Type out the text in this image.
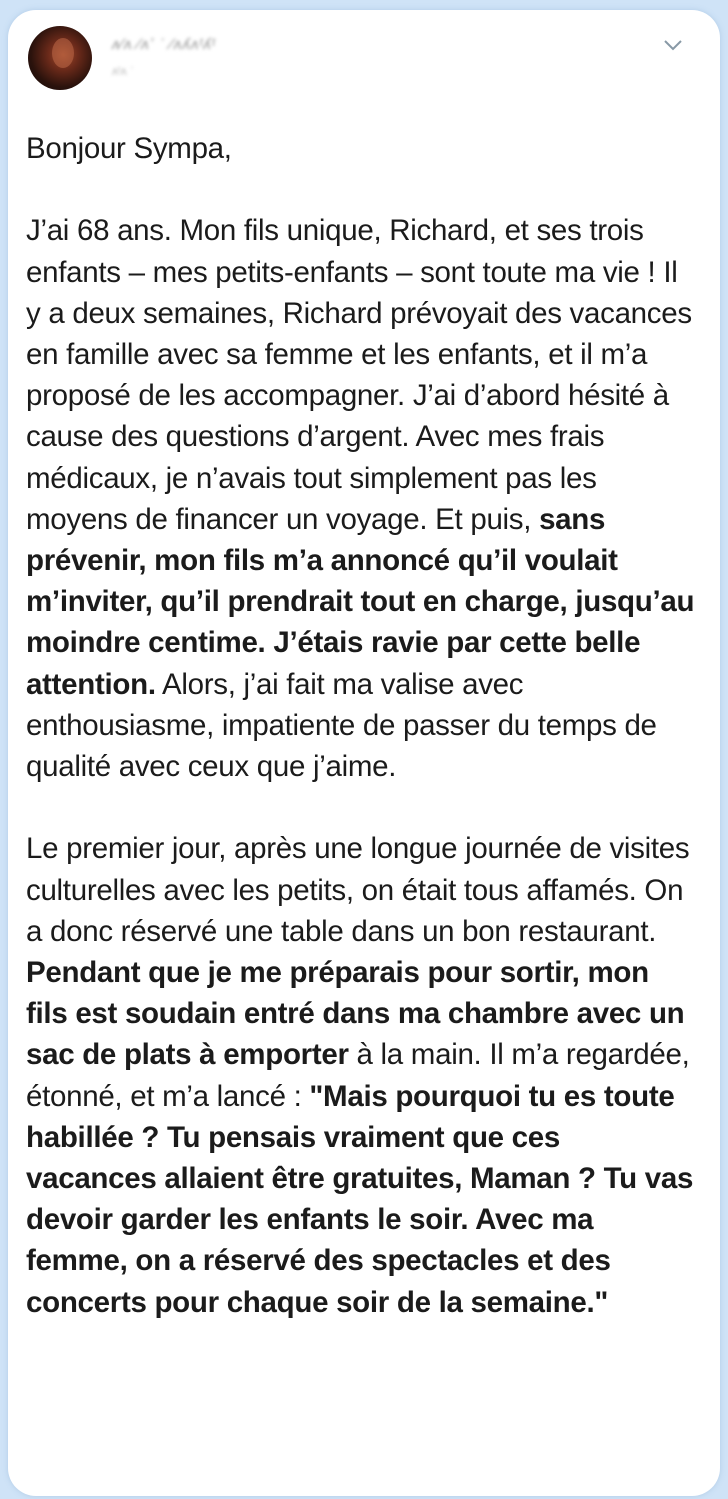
ʌ∕ʌ ∕ʌʼ ʾ ∕ʌʎʌᵗʎᵗ
ʌᵗʌ ʾ

Bonjour Sympa,

J’ai 68 ans. Mon fils unique, Richard, et ses trois enfants – mes petits-enfants – sont toute ma vie ! Il y a deux semaines, Richard prévoyait des vacances en famille avec sa femme et les enfants, et il m’a proposé de les accompagner. J’ai d’abord hésité à cause des questions d’argent. Avec mes frais médicaux, je n’avais tout simplement pas les moyens de financer un voyage. Et puis, sans prévenir, mon fils m’a annoncé qu’il voulait m’inviter, qu’il prendrait tout en charge, jusqu’au moindre centime. J’étais ravie par cette belle attention. Alors, j’ai fait ma valise avec enthousiasme, impatiente de passer du temps de qualité avec ceux que j’aime.

Le premier jour, après une longue journée de visites culturelles avec les petits, on était tous affamés. On a donc réservé une table dans un bon restaurant. Pendant que je me préparais pour sortir, mon fils est soudain entré dans ma chambre avec un sac de plats à emporter à la main. Il m’a regardée, étonné, et m’a lancé : "Mais pourquoi tu es toute habillée ? Tu pensais vraiment que ces vacances allaient être gratuites, Maman ? Tu vas devoir garder les enfants le soir. Avec ma femme, on a réservé des spectacles et des concerts pour chaque soir de la semaine."
